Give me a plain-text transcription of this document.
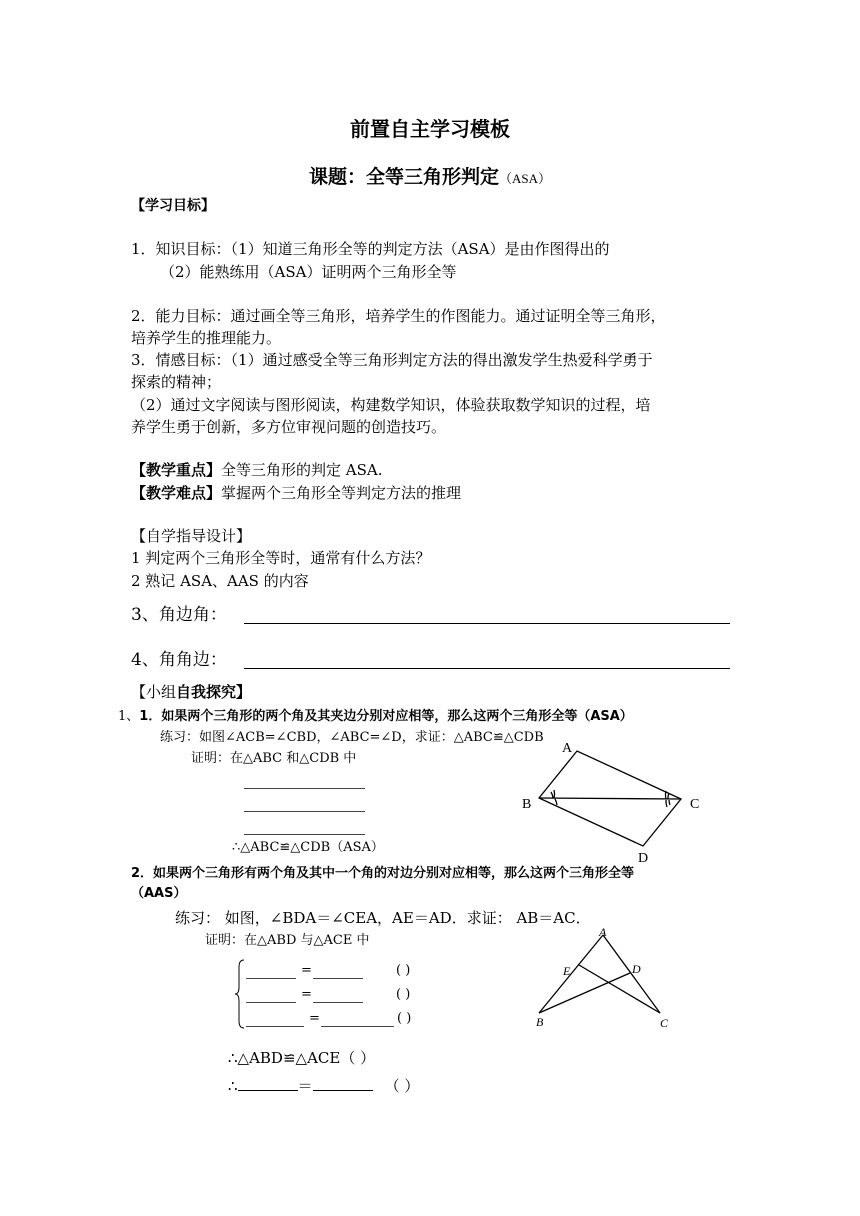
前置自主学习模板
课题：全等三角形判定（ASA）
【学习目标】
1．知识目标：（1）知道三角形全等的判定方法（ASA）是由作图得出的
（2）能熟练用（ASA）证明两个三角形全等
2．能力目标：通过画全等三角形，培养学生的作图能力。通过证明全等三角形，
培养学生的推理能力。
3．情感目标：（1）通过感受全等三角形判定方法的得出激发学生热爱科学勇于
探索的精神；
（2）通过文字阅读与图形阅读，构建数学知识，体验获取数学知识的过程，培
养学生勇于创新，多方位审视问题的创造技巧。
【教学重点】全等三角形的判定 ASA.
【教学难点】掌握两个三角形全等判定方法的推理
【自学指导设计】
1 判定两个三角形全等时，通常有什么方法？
2 熟记 ASA、AAS 的内容
3、角边角：
4、角角边：
【小组自我探究】
1、1．如果两个三角形的两个角及其夹边分别对应相等，那么这两个三角形全等（ASA）
练习：如图∠ACB=∠CBD，∠ABC=∠D，求证：△ABC≌△CDB
证明：在△ABC 和△CDB 中
∴△ABC≌△CDB（ASA）
A
B	C
D
2．如果两个三角形有两个角及其中一个角的对边分别对应相等，那么这两个三角形全等
（AAS）
练习： 如图，∠BDA＝∠CEA，AE＝AD．求证： AB＝AC．
证明：在△ABD 与△ACE 中
=	( )
=	( )
=	( )
∴△ABD≌△ACE（ ）
∴	＝	（ ）
A
E	D
B	C
